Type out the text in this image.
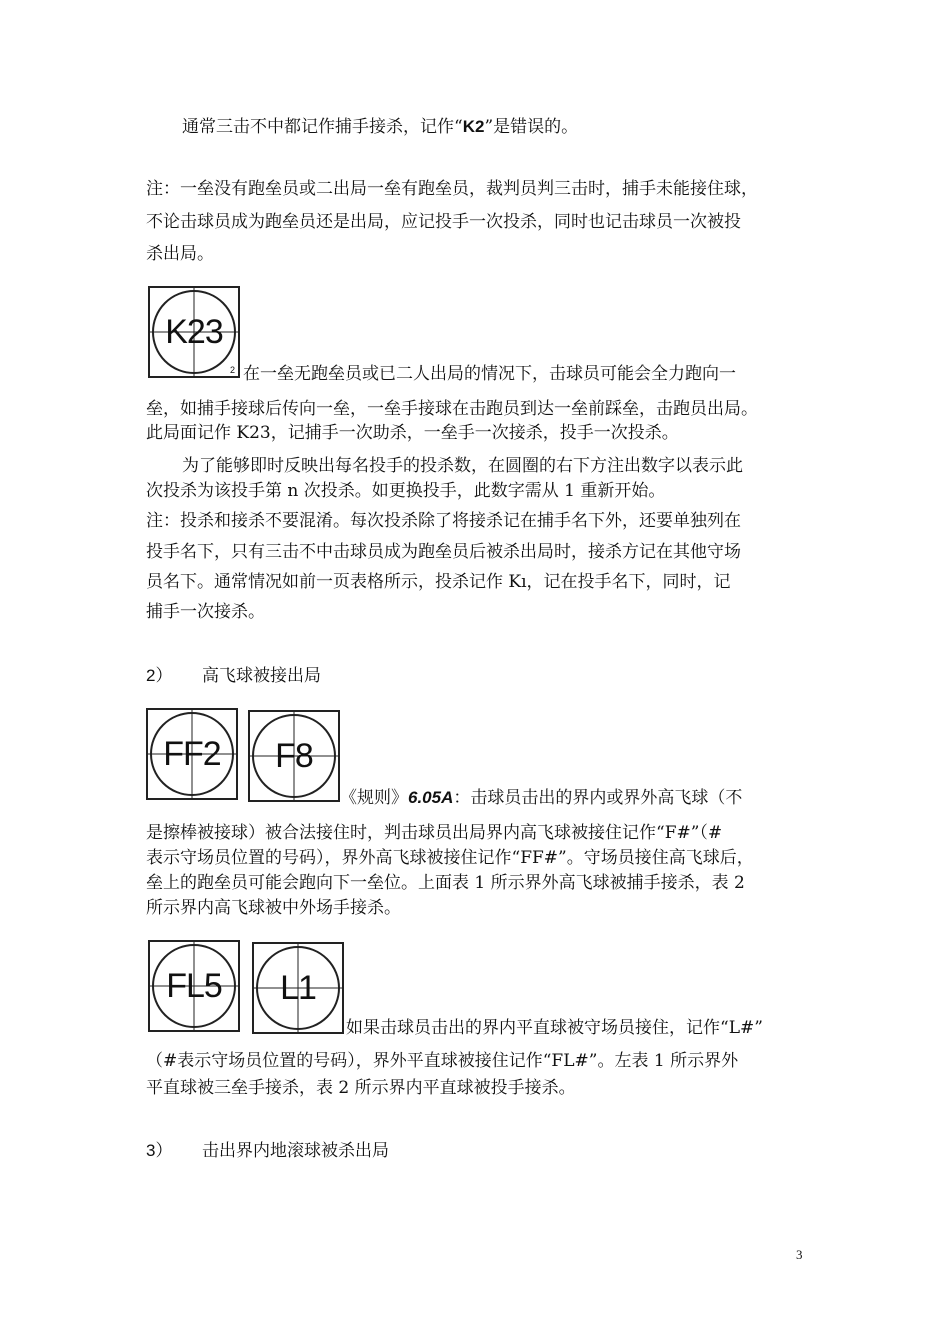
通常三击不中都记作捕手接杀，记作“K2”是错误的。
注：一垒没有跑垒员或二出局一垒有跑垒员，裁判员判三击时，捕手未能接住球，
不论击球员成为跑垒员还是出局，应记投手一次投杀，同时也记击球员一次被投
杀出局。
K23
2 在一垒无跑垒员或已二人出局的情况下，击球员可能会全力跑向一
垒，如捕手接球后传向一垒，一垒手接球在击跑员到达一垒前踩垒，击跑员出局。
此局面记作 K23，记捕手一次助杀，一垒手一次接杀，投手一次投杀。
为了能够即时反映出每名投手的投杀数，在圆圈的右下方注出数字以表示此
次投杀为该投手第 n 次投杀。如更换投手，此数字需从 1 重新开始。
注：投杀和接杀不要混淆。每次投杀除了将接杀记在捕手名下外，还要单独列在
投手名下，只有三击不中击球员成为跑垒员后被杀出局时，接杀方记在其他守场
员名下。通常情况如前一页表格所示，投杀记作 Kı，记在投手名下，同时，记
捕手一次接杀。
2） 高飞球被接出局
FF2	F8
《规则》6.05A：击球员击出的界内或界外高飞球（不
是擦棒被接球）被合法接住时，判击球员出局界内高飞球被接住记作“F#”（#
表示守场员位置的号码），界外高飞球被接住记作“FF#”。守场员接住高飞球后，
垒上的跑垒员可能会跑向下一垒位。上面表 1 所示界外高飞球被捕手接杀，表 2
所示界内高飞球被中外场手接杀。
FL5	L1
如果击球员击出的界内平直球被守场员接住，记作“L#”
（#表示守场员位置的号码），界外平直球被接住记作“FL#”。左表 1 所示界外
平直球被三垒手接杀，表 2 所示界内平直球被投手接杀。
3） 击出界内地滚球被杀出局
3
